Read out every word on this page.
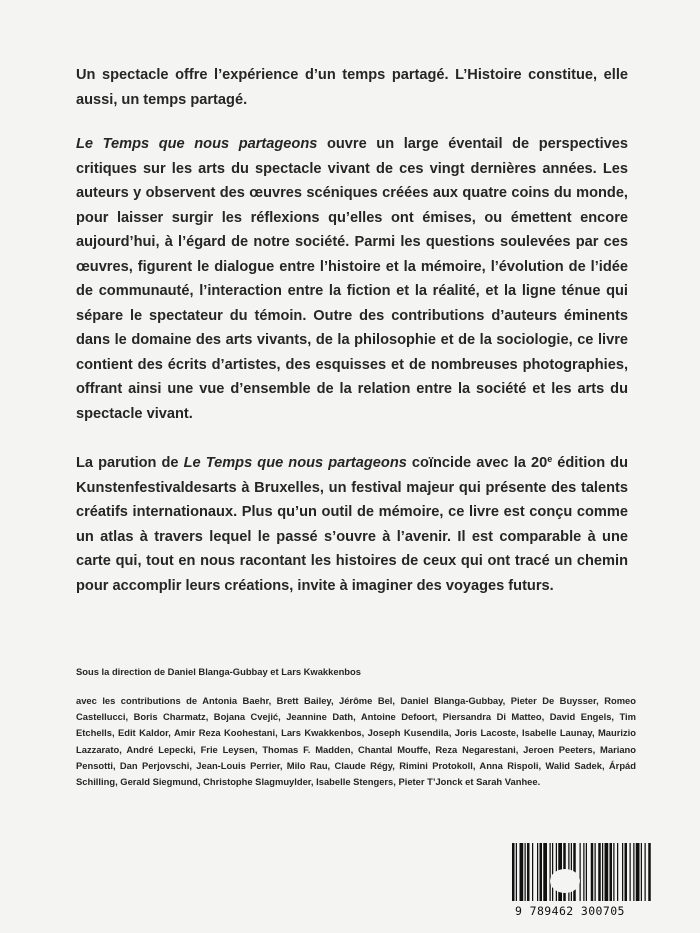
Un spectacle offre l’expérience d’un temps partagé. L’Histoire constitue, elle aussi, un temps partagé.

Le Temps que nous partageons ouvre un large éventail de perspectives critiques sur les arts du spectacle vivant de ces vingt dernières années. Les auteurs y observent des œuvres scéniques créées aux quatre coins du monde, pour laisser surgir les réflexions qu’elles ont émises, ou émettent encore aujourd’hui, à l’égard de notre société. Parmi les questions soulevées par ces œuvres, figurent le dialogue entre l’histoire et la mémoire, l’évolution de l’idée de communauté, l’interaction entre la fiction et la réalité, et la ligne ténue qui sépare le spectateur du témoin. Outre des contributions d’auteurs éminents dans le domaine des arts vivants, de la philosophie et de la sociologie, ce livre contient des écrits d’artistes, des esquisses et de nombreuses photographies, offrant ainsi une vue d’ensemble de la relation entre la société et les arts du spectacle vivant.

La parution de Le Temps que nous partageons coïncide avec la 20e édition du Kunstenfestivaldesarts à Bruxelles, un festival majeur qui présente des talents créatifs internationaux. Plus qu’un outil de mémoire, ce livre est conçu comme un atlas à travers lequel le passé s’ouvre à l’avenir. Il est comparable à une carte qui, tout en nous racontant les histoires de ceux qui ont tracé un chemin pour accomplir leurs créations, invite à imaginer des voyages futurs.

Sous la direction de Daniel Blanga-Gubbay et Lars Kwakkenbos

avec les contributions de Antonia Baehr, Brett Bailey, Jérôme Bel, Daniel Blanga-Gubbay, Pieter De Buysser, Romeo Castellucci, Boris Charmatz, Bojana Cvejić, Jeannine Dath, Antoine Defoort, Piersandra Di Matteo, David Engels, Tim Etchells, Edit Kaldor, Amir Reza Koohestani, Lars Kwakkenbos, Joseph Kusendila, Joris Lacoste, Isabelle Launay, Maurizio Lazzarato, André Lepecki, Frie Leysen, Thomas F. Madden, Chantal Mouffe, Reza Negarestani, Jeroen Peeters, Mariano Pensotti, Dan Perjovschi, Jean-Louis Perrier, Milo Rau, Claude Régy, Rimini Protokoll, Anna Rispoli, Walid Sadek, Árpád Schilling, Gerald Siegmund, Christophe Slagmuylder, Isabelle Stengers, Pieter T’Jonck et Sarah Vanhee.

9 789462 300705
